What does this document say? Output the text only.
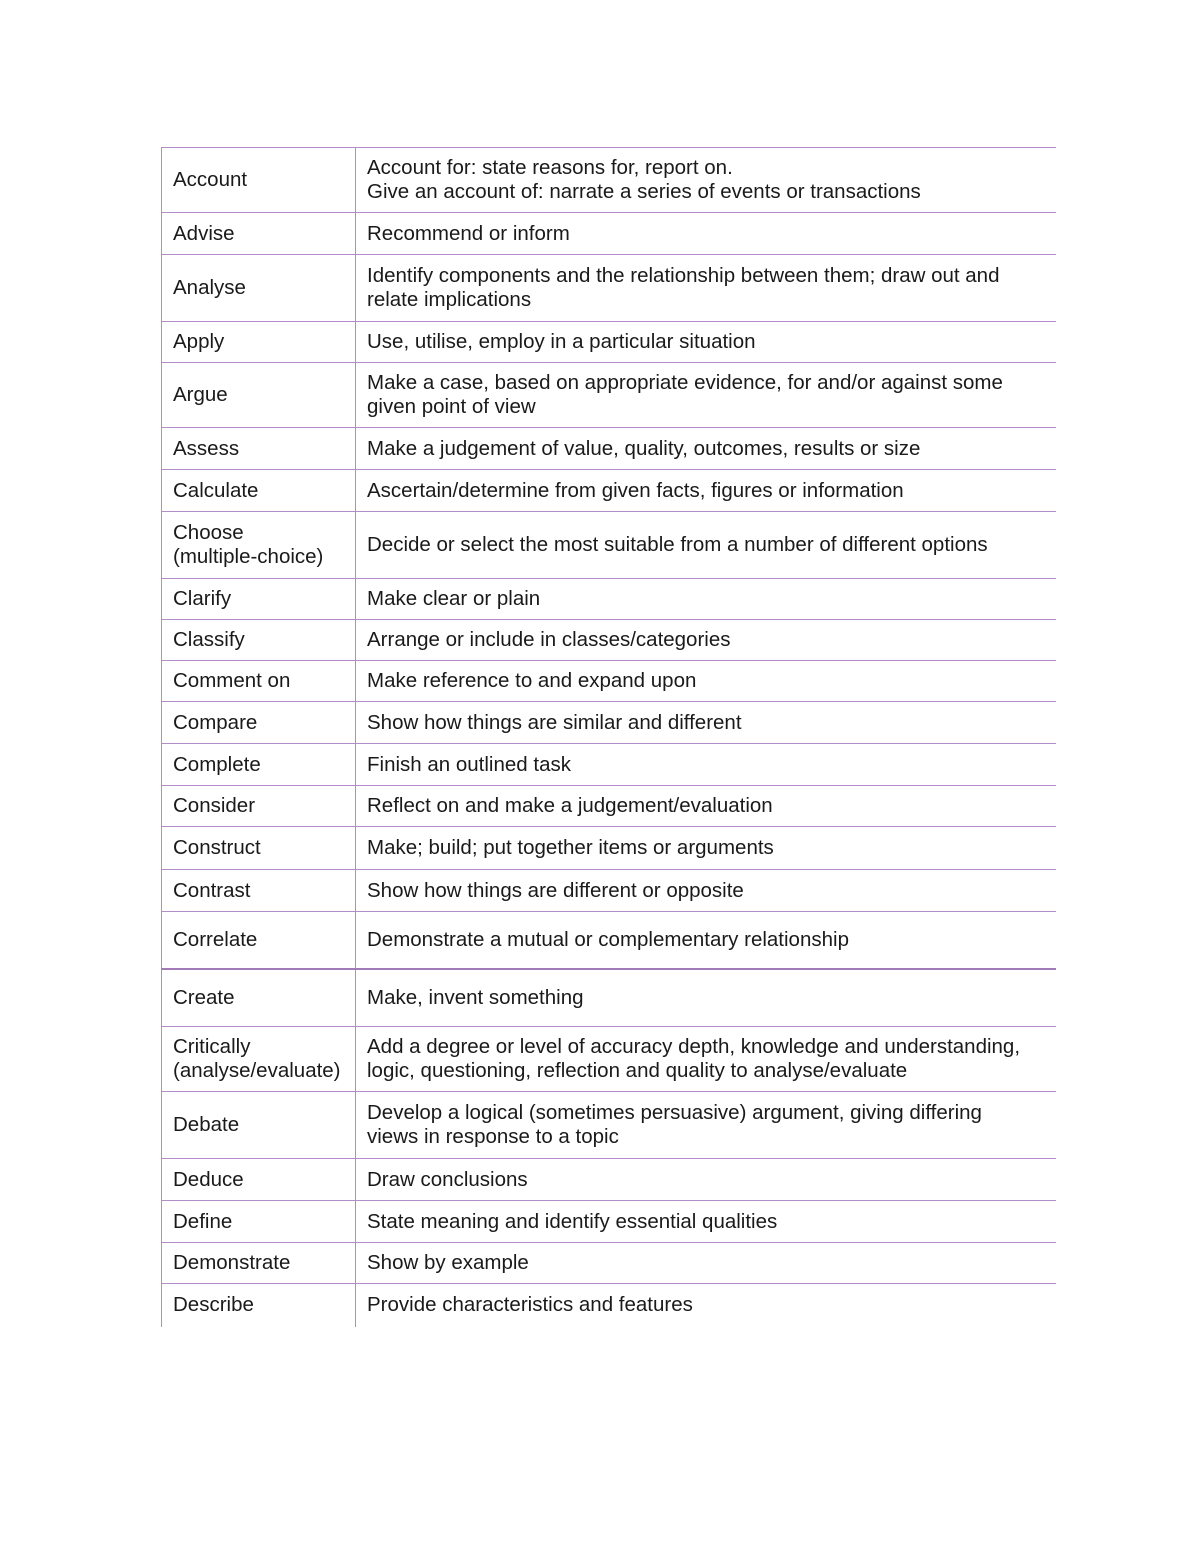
Account	Account for: state reasons for, report on.
Give an account of: narrate a series of events or transactions

Advise	Recommend or inform

Analyse	Identify components and the relationship between them; draw out and
relate implications

Apply	Use, utilise, employ in a particular situation

Argue	Make a case, based on appropriate evidence, for and/or against some
given point of view

Assess	Make a judgement of value, quality, outcomes, results or size

Calculate	Ascertain/determine from given facts, figures or information

Choose
(multiple-choice)	Decide or select the most suitable from a number of different options

Clarify	Make clear or plain

Classify	Arrange or include in classes/categories

Comment on	Make reference to and expand upon

Compare	Show how things are similar and different

Complete	Finish an outlined task

Consider	Reflect on and make a judgement/evaluation

Construct	Make; build; put together items or arguments

Contrast	Show how things are different or opposite

Correlate	Demonstrate a mutual or complementary relationship

Create	Make, invent something

Critically
(analyse/evaluate)	Add a degree or level of accuracy depth, knowledge and understanding,
logic, questioning, reflection and quality to analyse/evaluate

Debate	Develop a logical (sometimes persuasive) argument, giving differing
views in response to a topic

Deduce	Draw conclusions

Define	State meaning and identify essential qualities

Demonstrate	Show by example

Describe	Provide characteristics and features
